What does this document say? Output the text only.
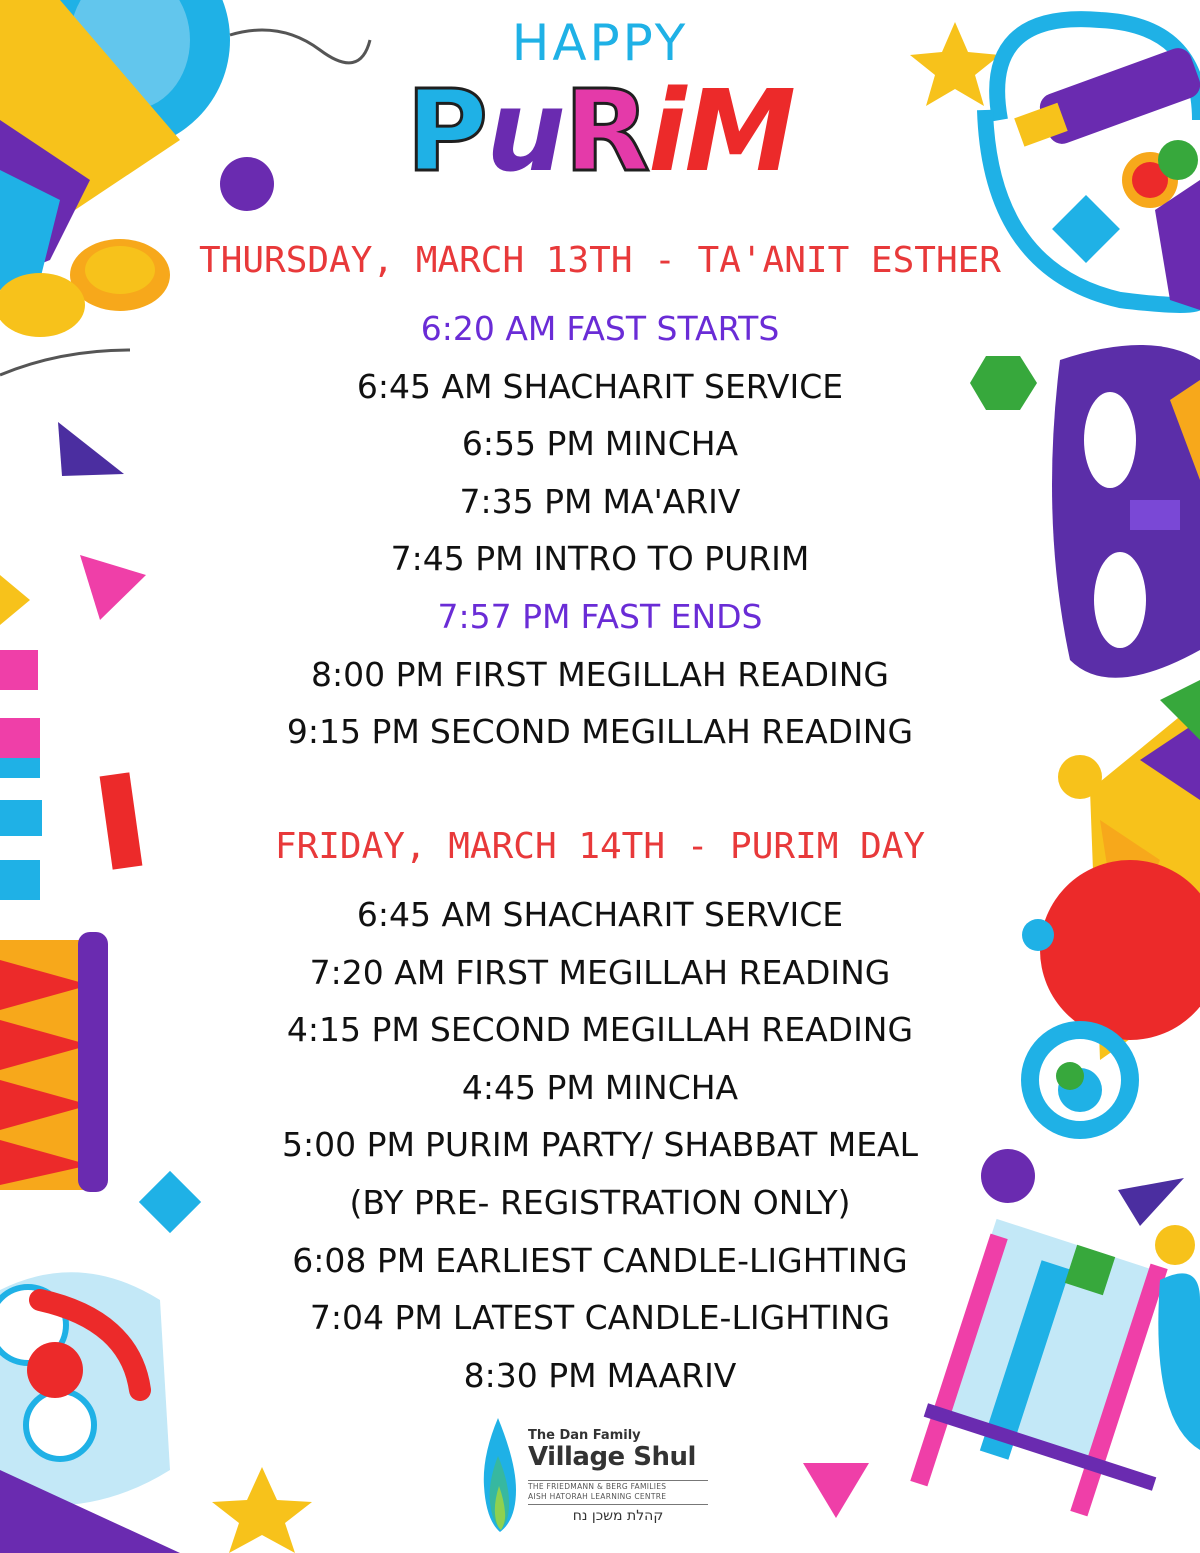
HAPPY
PuRiM
THURSDAY, MARCH 13TH - TA'ANIT ESTHER
6:20 AM FAST STARTS
6:45 AM SHACHARIT SERVICE
6:55 PM MINCHA
7:35 PM MA'ARIV
7:45 PM INTRO TO PURIM
7:57 PM FAST ENDS
8:00 PM FIRST MEGILLAH READING
9:15 PM SECOND MEGILLAH READING
FRIDAY, MARCH 14TH - PURIM DAY
6:45 AM SHACHARIT SERVICE
7:20 AM FIRST MEGILLAH READING
4:15 PM SECOND MEGILLAH READING
4:45 PM MINCHA
5:00 PM PURIM PARTY/ SHABBAT MEAL
(BY PRE- REGISTRATION ONLY)
6:08 PM EARLIEST CANDLE-LIGHTING
7:04 PM LATEST CANDLE-LIGHTING
8:30 PM MAARIV
The Dan Family
Village Shul
THE FRIEDMANN & BERG FAMILIES
AISH HATORAH LEARNING CENTRE
קהלת משכן נח
